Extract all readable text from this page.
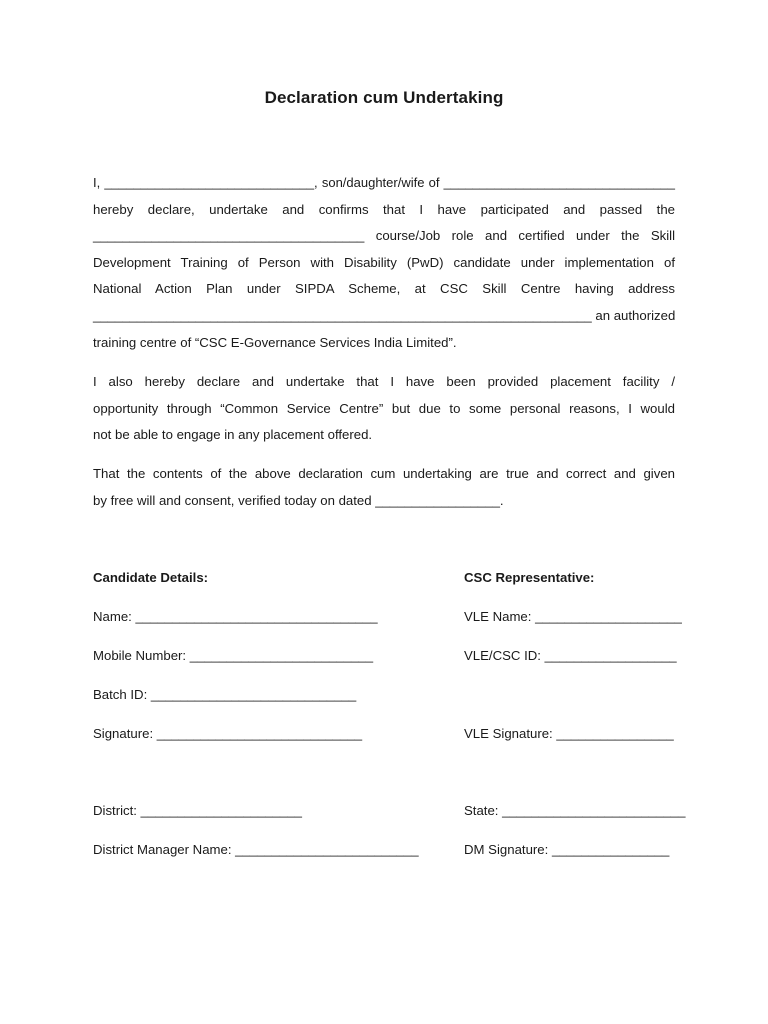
Declaration cum Undertaking
I, _____________________________, son/daughter/wife of ________________________________
hereby declare, undertake and confirms that I have participated and passed the
_____________________________________ course/Job role and certified under the Skill
Development Training of Person with Disability (PwD) candidate under implementation of
National Action Plan under SIPDA Scheme, at CSC Skill Centre having address
____________________________________________________________________ an authorized
training centre of “CSC E-Governance Services India Limited”.
I also hereby declare and undertake that I have been provided placement facility /
opportunity through “Common Service Centre” but due to some personal reasons, I would
not be able to engage in any placement offered.
That the contents of the above declaration cum undertaking are true and correct and given
by free will and consent, verified today on dated _________________.
Candidate Details:
Name: _________________________________
Mobile Number: _________________________
Batch ID: ____________________________
Signature: ____________________________
CSC Representative:
VLE Name: ____________________
VLE/CSC ID: __________________
VLE Signature: ________________
District: ______________________	State: _________________________
District Manager Name: _________________________	DM Signature: ________________
